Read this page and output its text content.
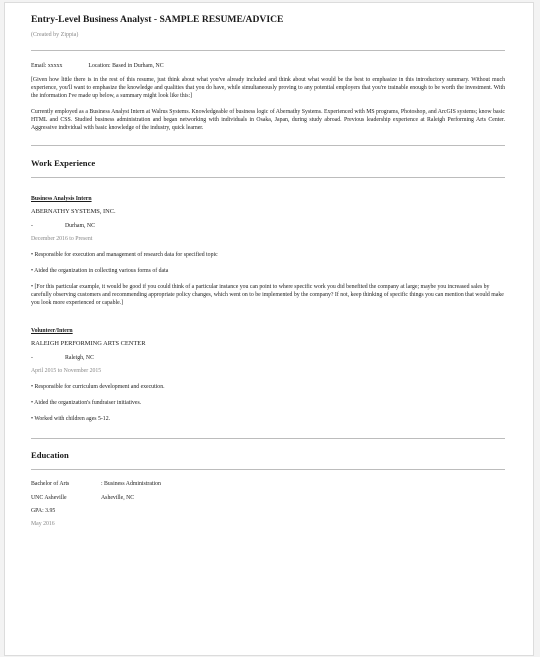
Entry-Level Business Analyst - SAMPLE RESUME/ADVICE
(Created by Zippia)
Email: xxxxx	Location: Based in Durham, NC

[Given how little there is in the rest of this resume, just think about what you've already included and think about what would be the best to emphasize in this introductory summary. Without much experience, you'll want to emphasize the knowledge and qualities that you do have, while simultaneously proving to any potential employers that you're trainable enough to be worth the investment. With the information I've made up below, a summary might look like this:]

Currently employed as a Business Analyst Intern at Walrus Systems. Knowledgeable of business logic of Abernathy Systems. Experienced with MS programs, Photoshop, and ArcGIS systems; know basic HTML and CSS. Studied business administration and began networking with individuals in Osaka, Japan, during study abroad. Previous leadership experience at Raleigh Performing Arts Center. Aggressive individual with basic knowledge of the industry, quick learner.

Work Experience
Business Analysis Intern
ABERNATHY SYSTEMS, INC.
-	Durham, NC
December 2016 to Present
• Responsible for execution and management of research data for specified topic
• Aided the organization in collecting various forms of data
• [For this particular example, it would be good if you could think of a particular instance you can point to where specific work you did benefited the company at large; maybe you increased sales by carefully observing customers and recommending appropriate policy changes, which went on to be implemented by the company? If not, keep thinking of specific things you can mention that would make you look more experienced or capable.]
Volunteer/Intern
RALEIGH PERFORMING ARTS CENTER
-	Raleigh, NC
April 2015 to November 2015
• Responsible for curriculum development and execution.
• Aided the organization's fundraiser initiatives.
• Worked with children ages 5-12.
Education
Bachelor of Arts	: Business Administration
UNC Asheville	Asheville, NC
GPA: 3.95
May 2016
